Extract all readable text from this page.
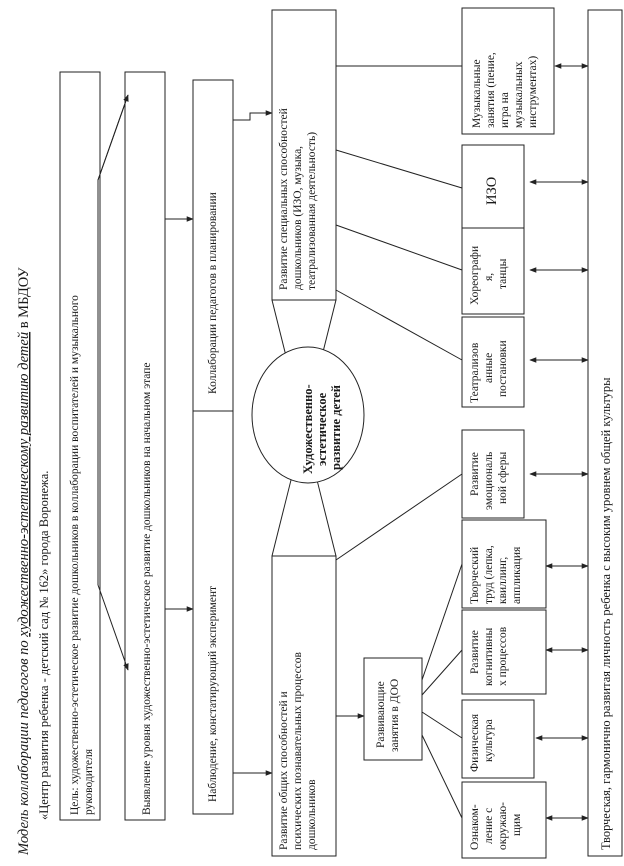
Модель коллаборации педагогов по художественно-эстетическому развитию детей в МБДОУ
«Центр развития ребенка - детский сад № 162» города Воронежа. Цель: художественно-эстетическое развитие дошкольников в коллаборации воспитателей и музыкального руководителя	Выявление уровня художественно-эстетическое развитие дошкольников на начальном этапе
Коллаборации педагогов в планировании
Наблюдение, констатирующий эксперимент
Развитие специальных способностей дошкольников (ИЗО, музыка, театрализованная деятельность)
Развитие общих способностей и психических познавательных процессов дошкольников
Художественно- эстетическое развитие детей	Творческая, гармонично развитая личность ребенка с высоким уровнем общей культуры
Музыкальные занятия (пение, игра на музыкальных инструментах)
ИЗО
Хореографи я, танцы
Театрализов анные постановки
Развитие эмоциональ ной сферы
Творческий труд (лепка, квиллинг, аппликация
Развитие когнитивны х процессов
Физическая культура
Ознаком- ление с окружаю- щим
Развивающие занятия в ДОО
